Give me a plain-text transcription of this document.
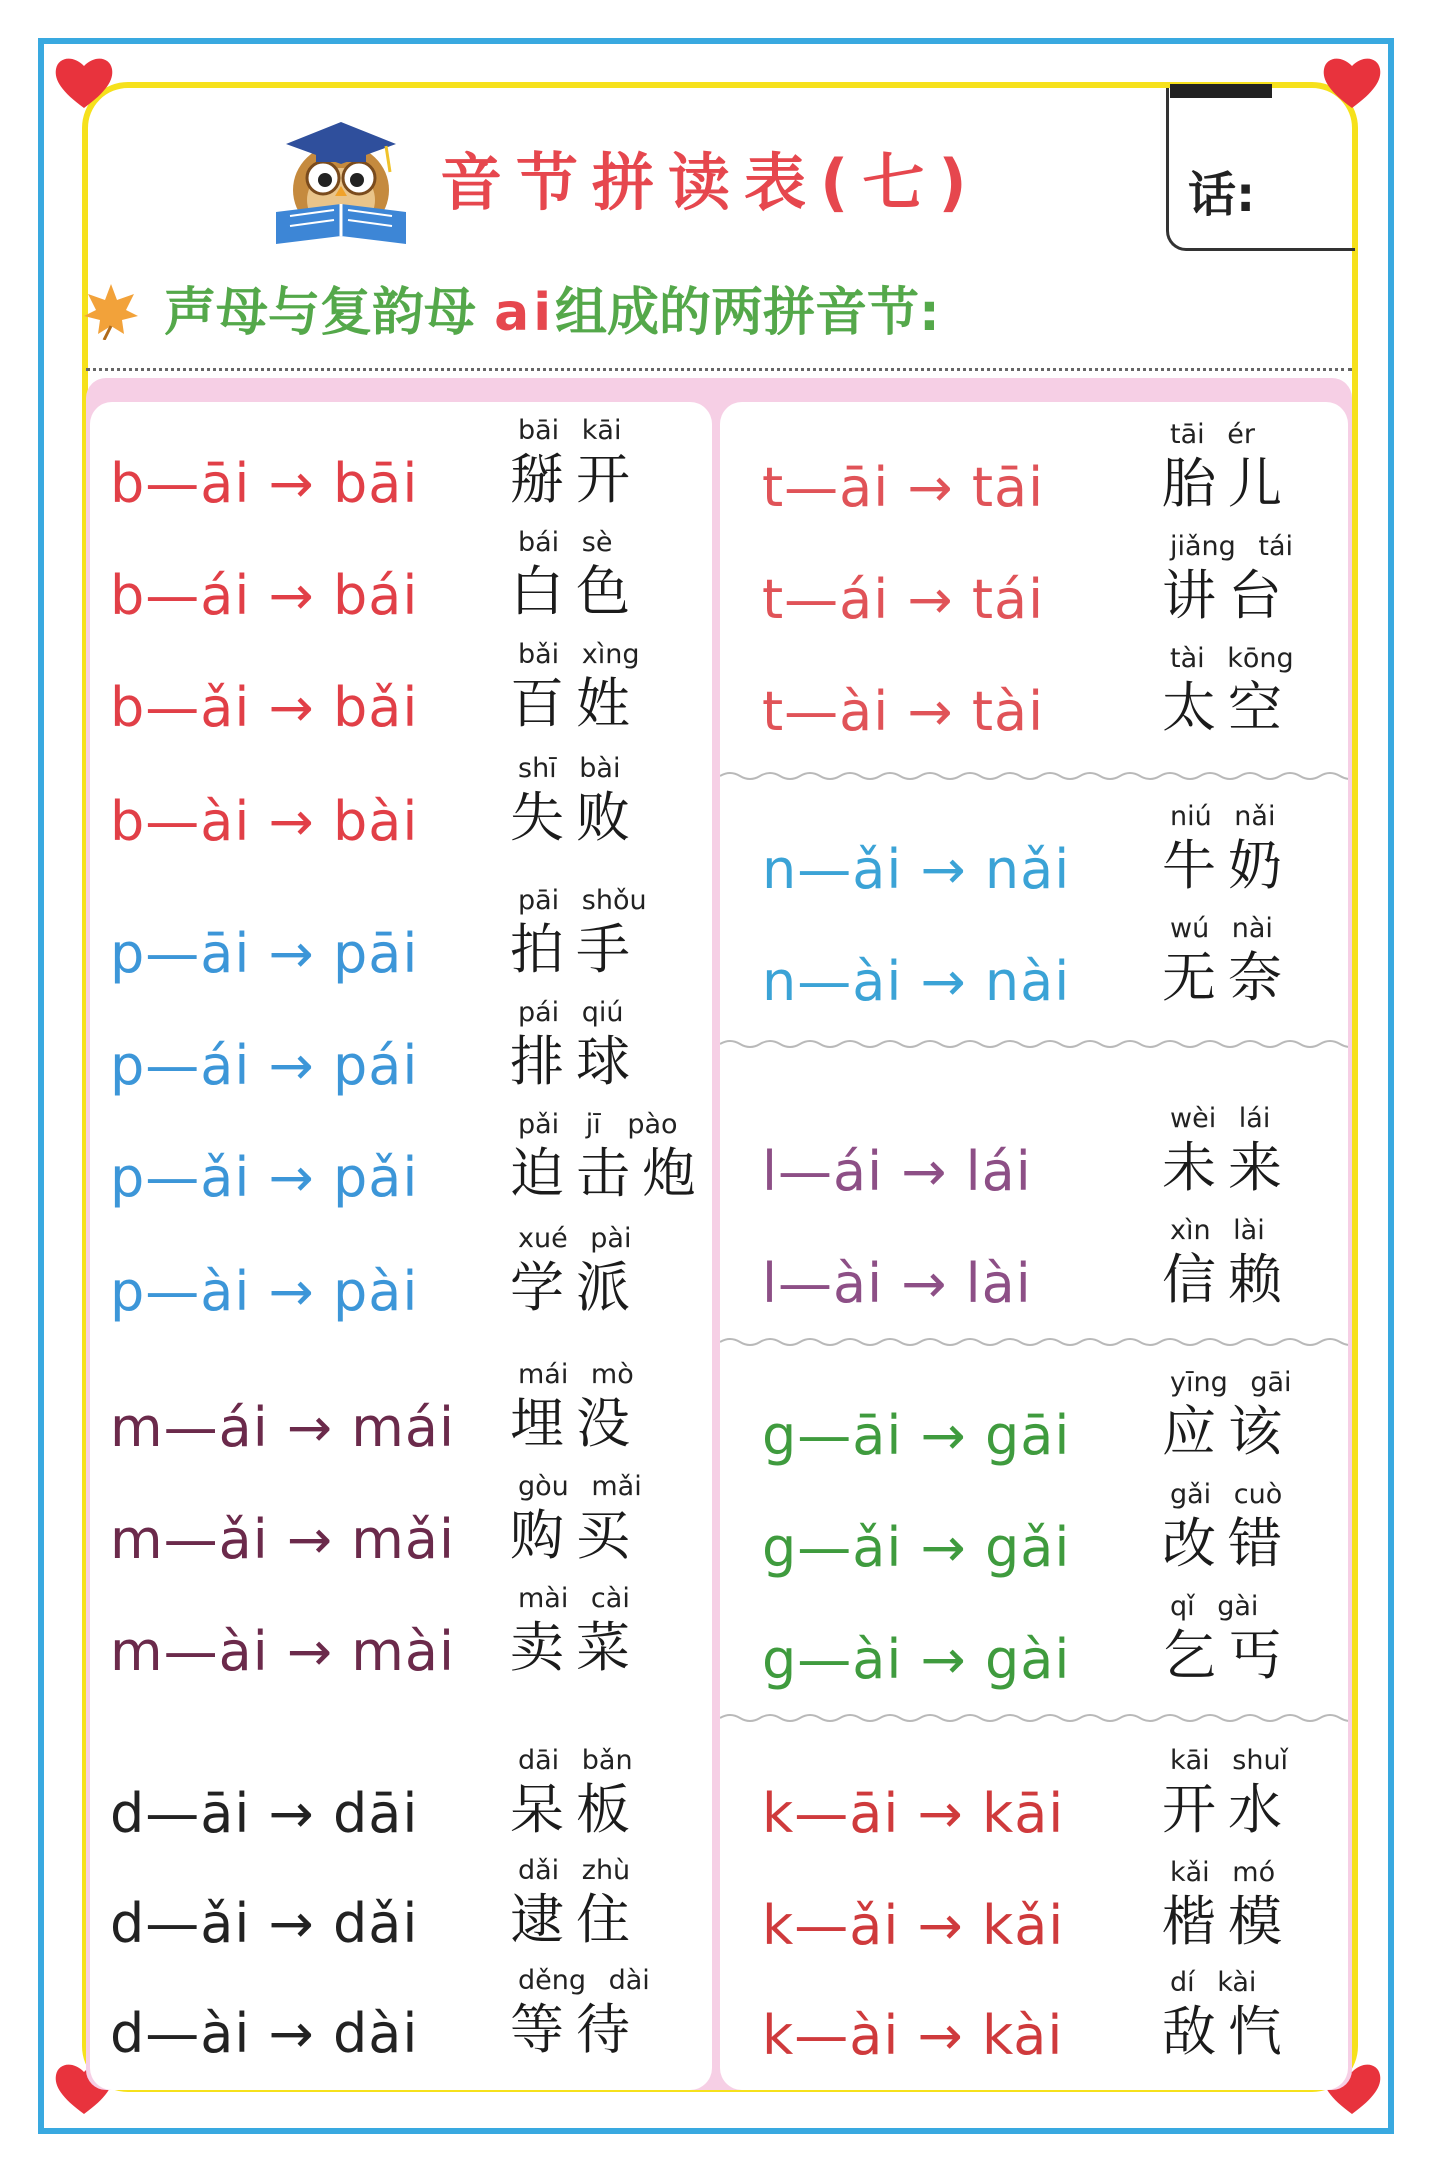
音节拼读表(七)	话:
声母与复韵母 ai组成的两拼音节:
b—āi → bāi
bāi kāi
掰开
b—ái → bái
bái sè
白色
b—ǎi → bǎi
bǎi xìng
百姓
b—ài → bài
shī bài
失败
p—āi → pāi
pāi shǒu
拍手
p—ái → pái
pái qiú
排球
p—ǎi → pǎi
pǎi jī pào
迫击炮
p—ài → pài
xué pài
学派
m—ái → mái
mái mò
埋没
m—ǎi → mǎi
gòu mǎi
购买
m—ài → mài
mài cài
卖菜
d—āi → dāi
dāi bǎn
呆板
d—ǎi → dǎi
dǎi zhù
逮住
d—ài → dài
děng dài
等待
t—āi → tāi
tāi ér
胎儿
t—ái → tái
jiǎng tái
讲台
t—ài → tài
tài kōng
太空
n—ǎi → nǎi
niú nǎi
牛奶
n—ài → nài
wú nài
无奈
l—ái → lái
wèi lái
未来
l—ài → lài
xìn lài
信赖
g—āi → gāi
yīng gāi
应该
g—ǎi → gǎi
gǎi cuò
改错
g—ài → gài
qǐ gài
乞丐
k—āi → kāi
kāi shuǐ
开水
k—ǎi → kǎi
kǎi mó
楷模
k—ài → kài
dí kài
敌忾
